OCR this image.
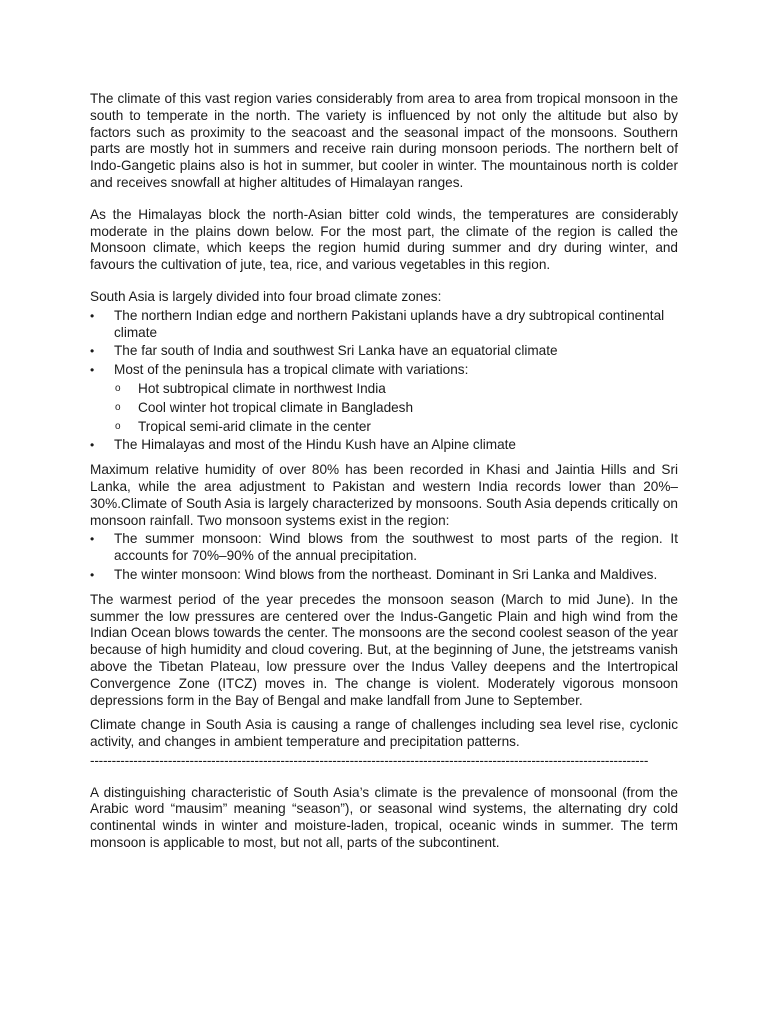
The climate of this vast region varies considerably from area to area from tropical monsoon in the south to temperate in the north. The variety is influenced by not only the altitude but also by factors such as proximity to the seacoast and the seasonal impact of the monsoons. Southern parts are mostly hot in summers and receive rain during monsoon periods. The northern belt of Indo-Gangetic plains also is hot in summer, but cooler in winter. The mountainous north is colder and receives snowfall at higher altitudes of Himalayan ranges.

As the Himalayas block the north-Asian bitter cold winds, the temperatures are considerably moderate in the plains down below. For the most part, the climate of the region is called the Monsoon climate, which keeps the region humid during summer and dry during winter, and favours the cultivation of jute, tea, rice, and various vegetables in this region.

South Asia is largely divided into four broad climate zones:

•	The northern Indian edge and northern Pakistani uplands have a dry subtropical continental climate
•	The far south of India and southwest Sri Lanka have an equatorial climate
•	Most of the peninsula has a tropical climate with variations:
o Hot subtropical climate in northwest India
o Cool winter hot tropical climate in Bangladesh
o Tropical semi-arid climate in the center
•	The Himalayas and most of the Hindu Kush have an Alpine climate

Maximum relative humidity of over 80% has been recorded in Khasi and Jaintia Hills and Sri Lanka, while the area adjustment to Pakistan and western India records lower than 20%–30%.Climate of South Asia is largely characterized by monsoons. South Asia depends critically on monsoon rainfall. Two monsoon systems exist in the region:

•	The summer monsoon: Wind blows from the southwest to most parts of the region. It accounts for 70%–90% of the annual precipitation.
•	The winter monsoon: Wind blows from the northeast. Dominant in Sri Lanka and Maldives.

The warmest period of the year precedes the monsoon season (March to mid June). In the summer the low pressures are centered over the Indus-Gangetic Plain and high wind from the Indian Ocean blows towards the center. The monsoons are the second coolest season of the year because of high humidity and cloud covering. But, at the beginning of June, the jetstreams vanish above the Tibetan Plateau, low pressure over the Indus Valley deepens and the Intertropical Convergence Zone (ITCZ) moves in. The change is violent. Moderately vigorous monsoon depressions form in the Bay of Bengal and make landfall from June to September.

Climate change in South Asia is causing a range of challenges including sea level rise, cyclonic activity, and changes in ambient temperature and precipitation patterns.

---------------------------------------------------------------------------------------------------------------------------------

A distinguishing characteristic of South Asia’s climate is the prevalence of monsoonal (from the Arabic word “mausim” meaning “season”), or seasonal wind systems, the alternating dry cold continental winds in winter and moisture-laden, tropical, oceanic winds in summer. The term monsoon is applicable to most, but not all, parts of the subcontinent.
